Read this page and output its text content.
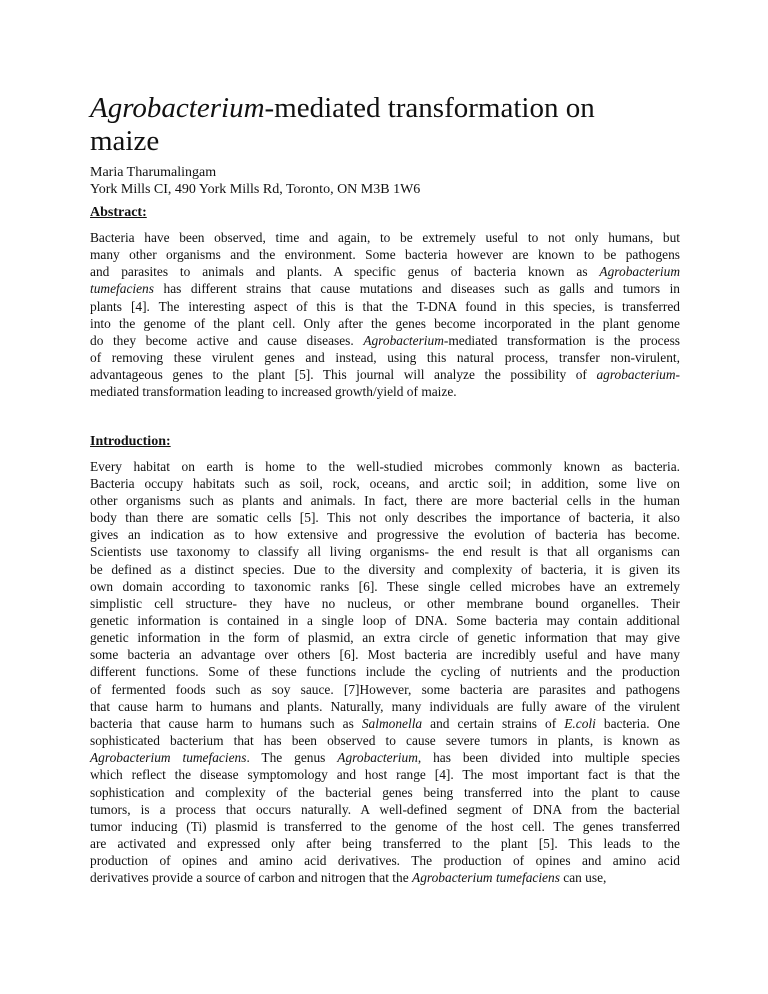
Agrobacterium-mediated transformation on
maize
Maria Tharumalingam
York Mills CI, 490 York Mills Rd, Toronto, ON M3B 1W6
Abstract:
Bacteria have been observed, time and again, to be extremely useful to not only humans, but
many other organisms and the environment. Some bacteria however are known to be pathogens
and parasites to animals and plants. A specific genus of bacteria known as Agrobacterium
tumefaciens has different strains that cause mutations and diseases such as galls and tumors in
plants [4]. The interesting aspect of this is that the T-DNA found in this species, is transferred
into the genome of the plant cell. Only after the genes become incorporated in the plant genome
do they become active and cause diseases. Agrobacterium-mediated transformation is the process
of removing these virulent genes and instead, using this natural process, transfer non-virulent,
advantageous genes to the plant [5]. This journal will analyze the possibility of agrobacterium-
mediated transformation leading to increased growth/yield of maize.
Introduction:
Every habitat on earth is home to the well-studied microbes commonly known as bacteria.
Bacteria occupy habitats such as soil, rock, oceans, and arctic soil; in addition, some live on
other organisms such as plants and animals. In fact, there are more bacterial cells in the human
body than there are somatic cells [5]. This not only describes the importance of bacteria, it also
gives an indication as to how extensive and progressive the evolution of bacteria has become.
Scientists use taxonomy to classify all living organisms- the end result is that all organisms can
be defined as a distinct species. Due to the diversity and complexity of bacteria, it is given its
own domain according to taxonomic ranks [6]. These single celled microbes have an extremely
simplistic cell structure- they have no nucleus, or other membrane bound organelles. Their
genetic information is contained in a single loop of DNA. Some bacteria may contain additional
genetic information in the form of plasmid, an extra circle of genetic information that may give
some bacteria an advantage over others [6]. Most bacteria are incredibly useful and have many
different functions. Some of these functions include the cycling of nutrients and the production
of fermented foods such as soy sauce. [7]However, some bacteria are parasites and pathogens
that cause harm to humans and plants. Naturally, many individuals are fully aware of the virulent
bacteria that cause harm to humans such as Salmonella and certain strains of E.coli bacteria. One
sophisticated bacterium that has been observed to cause severe tumors in plants, is known as
Agrobacterium tumefaciens. The genus Agrobacterium, has been divided into multiple species
which reflect the disease symptomology and host range [4]. The most important fact is that the
sophistication and complexity of the bacterial genes being transferred into the plant to cause
tumors, is a process that occurs naturally. A well-defined segment of DNA from the bacterial
tumor inducing (Ti) plasmid is transferred to the genome of the host cell. The genes transferred
are activated and expressed only after being transferred to the plant [5]. This leads to the
production of opines and amino acid derivatives. The production of opines and amino acid
derivatives provide a source of carbon and nitrogen that the Agrobacterium tumefaciens can use,
